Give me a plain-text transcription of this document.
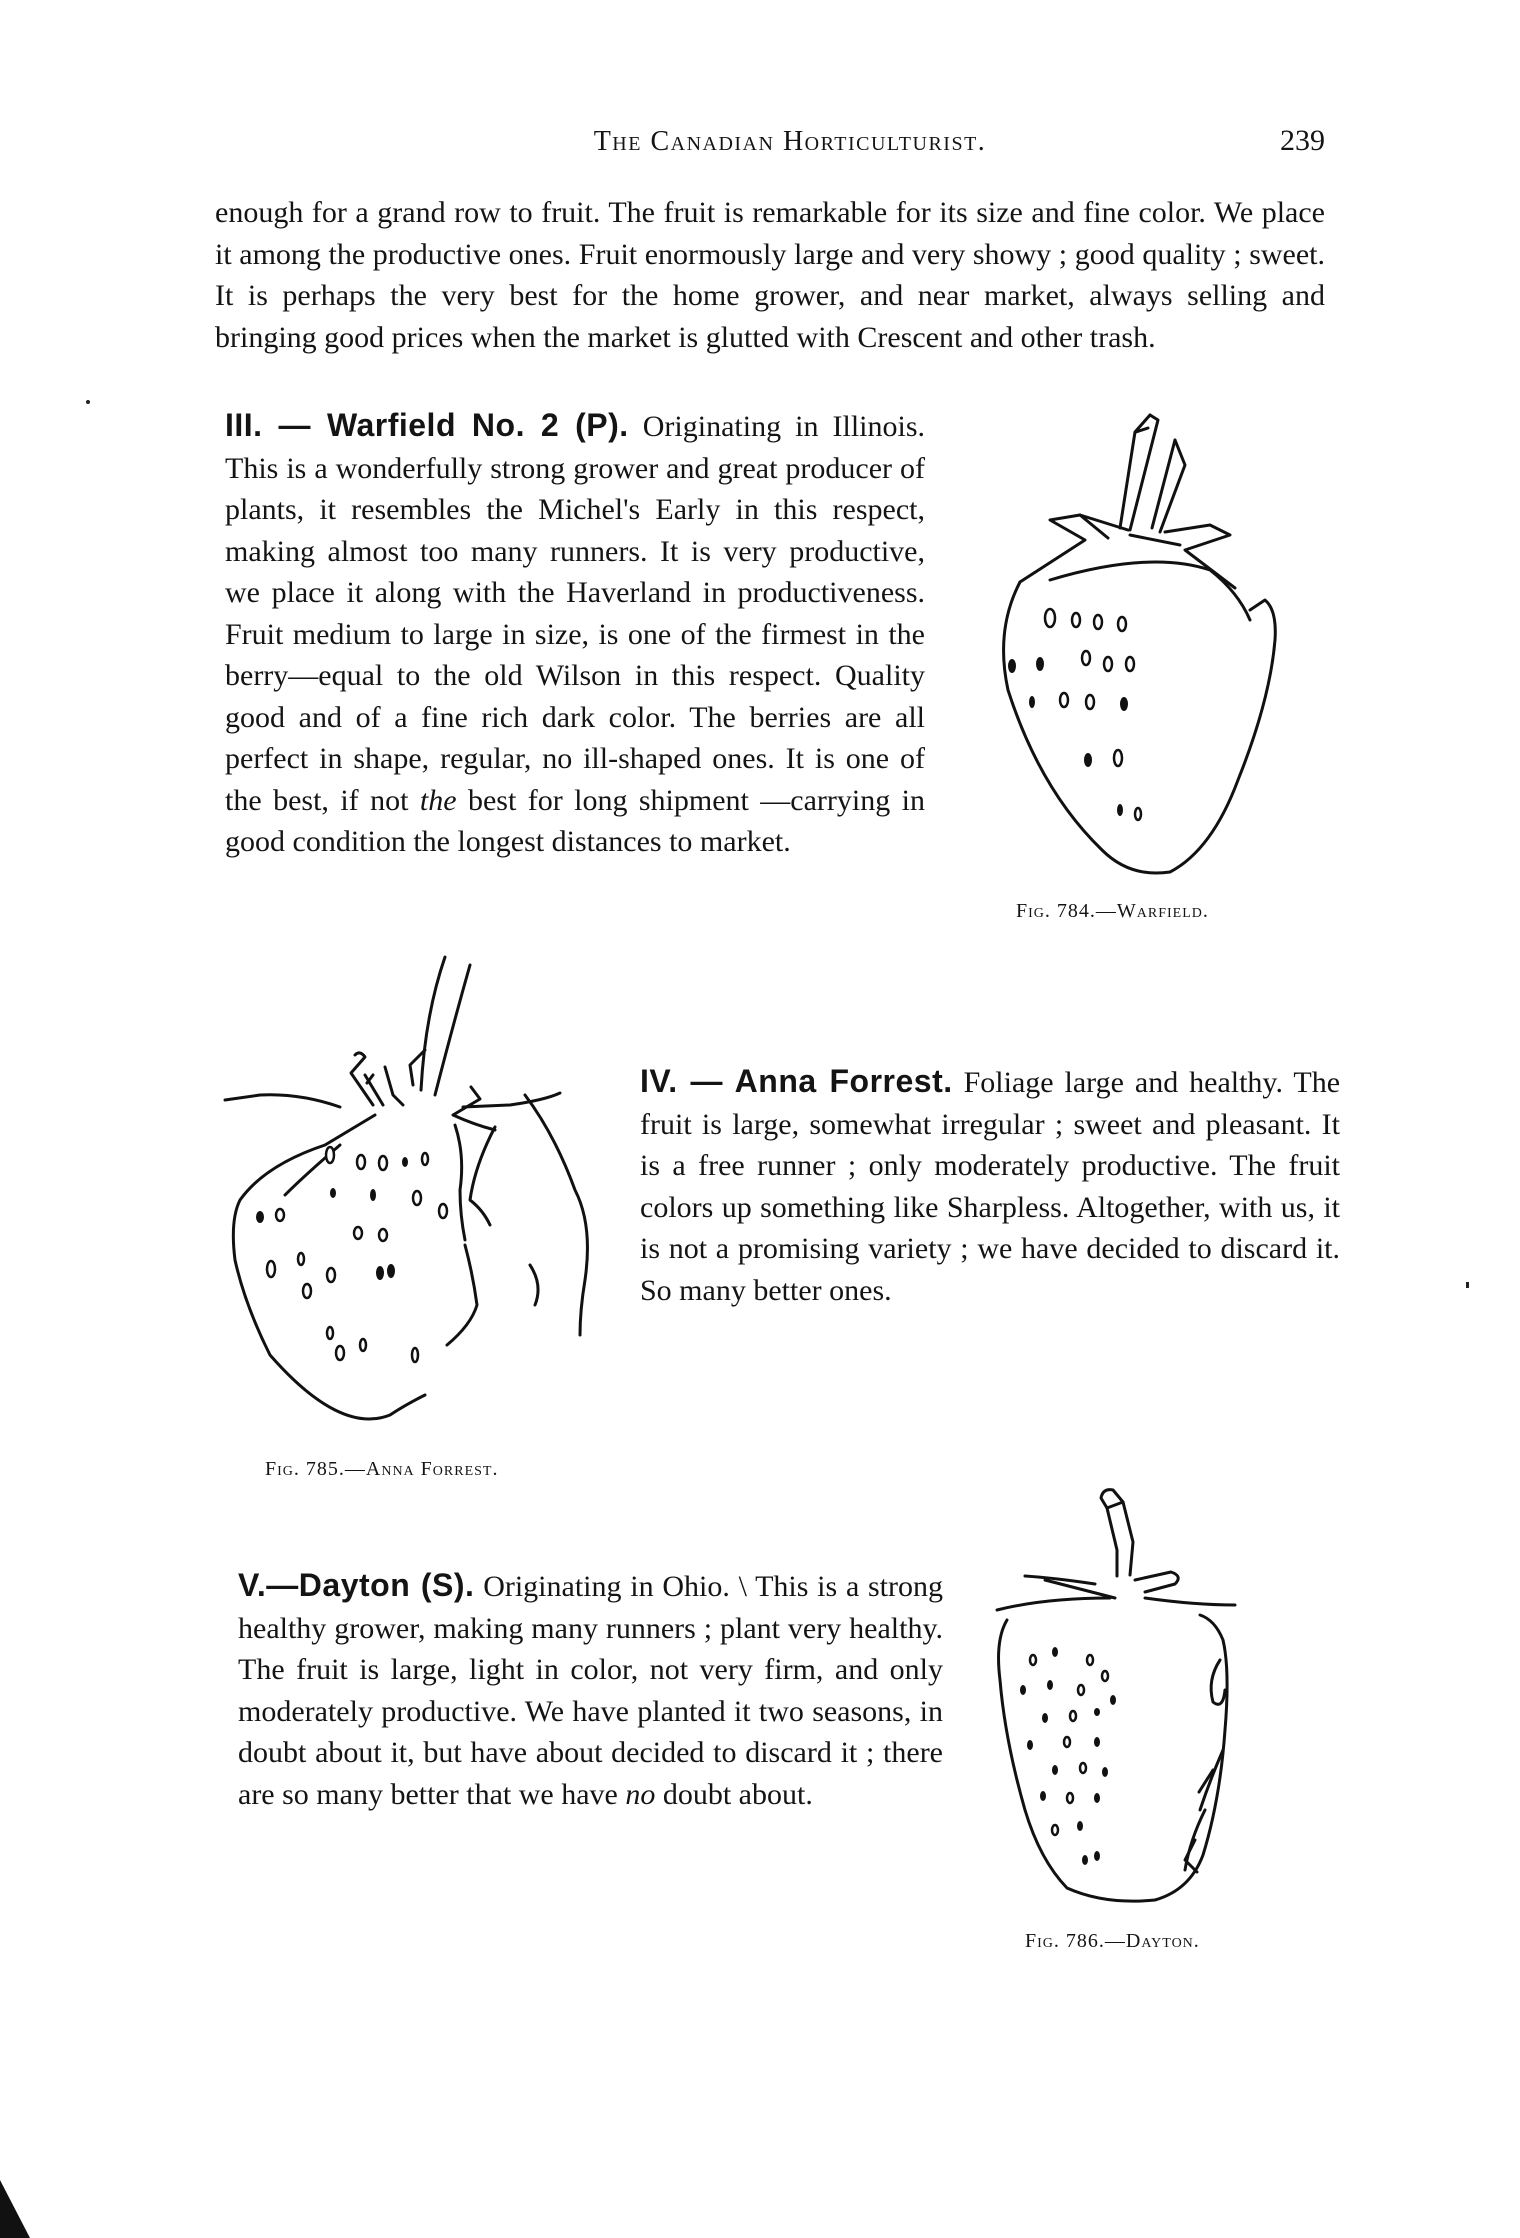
The Canadian Horticulturist.	239

enough for a grand row to fruit. The fruit is remarkable for its size and fine color. We place it among the productive ones. Fruit enormously large and very showy ; good quality ; sweet. It is perhaps the very best for the home grower, and near market, always selling and bringing good prices when the market is glutted with Crescent and other trash.

III. — Warfield No. 2 (P). Originating in Illinois. This is a wonderfully strong grower and great producer of plants, it resembles the Michel's Early in this respect, making almost too many runners. It is very productive, we place it along with the Haverland in productiveness. Fruit medium to large in size, is one of the firmest in the berry—equal to the old Wilson in this respect. Quality good and of a fine rich dark color. The berries are all perfect in shape, regular, no ill-shaped ones. It is one of the best, if not the best for long shipment —carrying in good condition the longest distances to market.

Fig. 784.—Warfield.
Fig. 785.—Anna Forrest.

IV. — Anna Forrest. Foliage large and healthy. The fruit is large, somewhat irregular ; sweet and pleasant. It is a free runner ; only moderately productive. The fruit colors up something like Sharpless. Altogether, with us, it is not a promising variety ; we have decided to discard it. So many better ones.

V.—Dayton (S). Originating in Ohio. \ This is a strong healthy grower, making many runners ; plant very healthy. The fruit is large, light in color, not very firm, and only moderately productive. We have planted it two seasons, in doubt about it, but have about decided to discard it ; there are so many better that we have no doubt about.

Fig. 786.—Dayton.
